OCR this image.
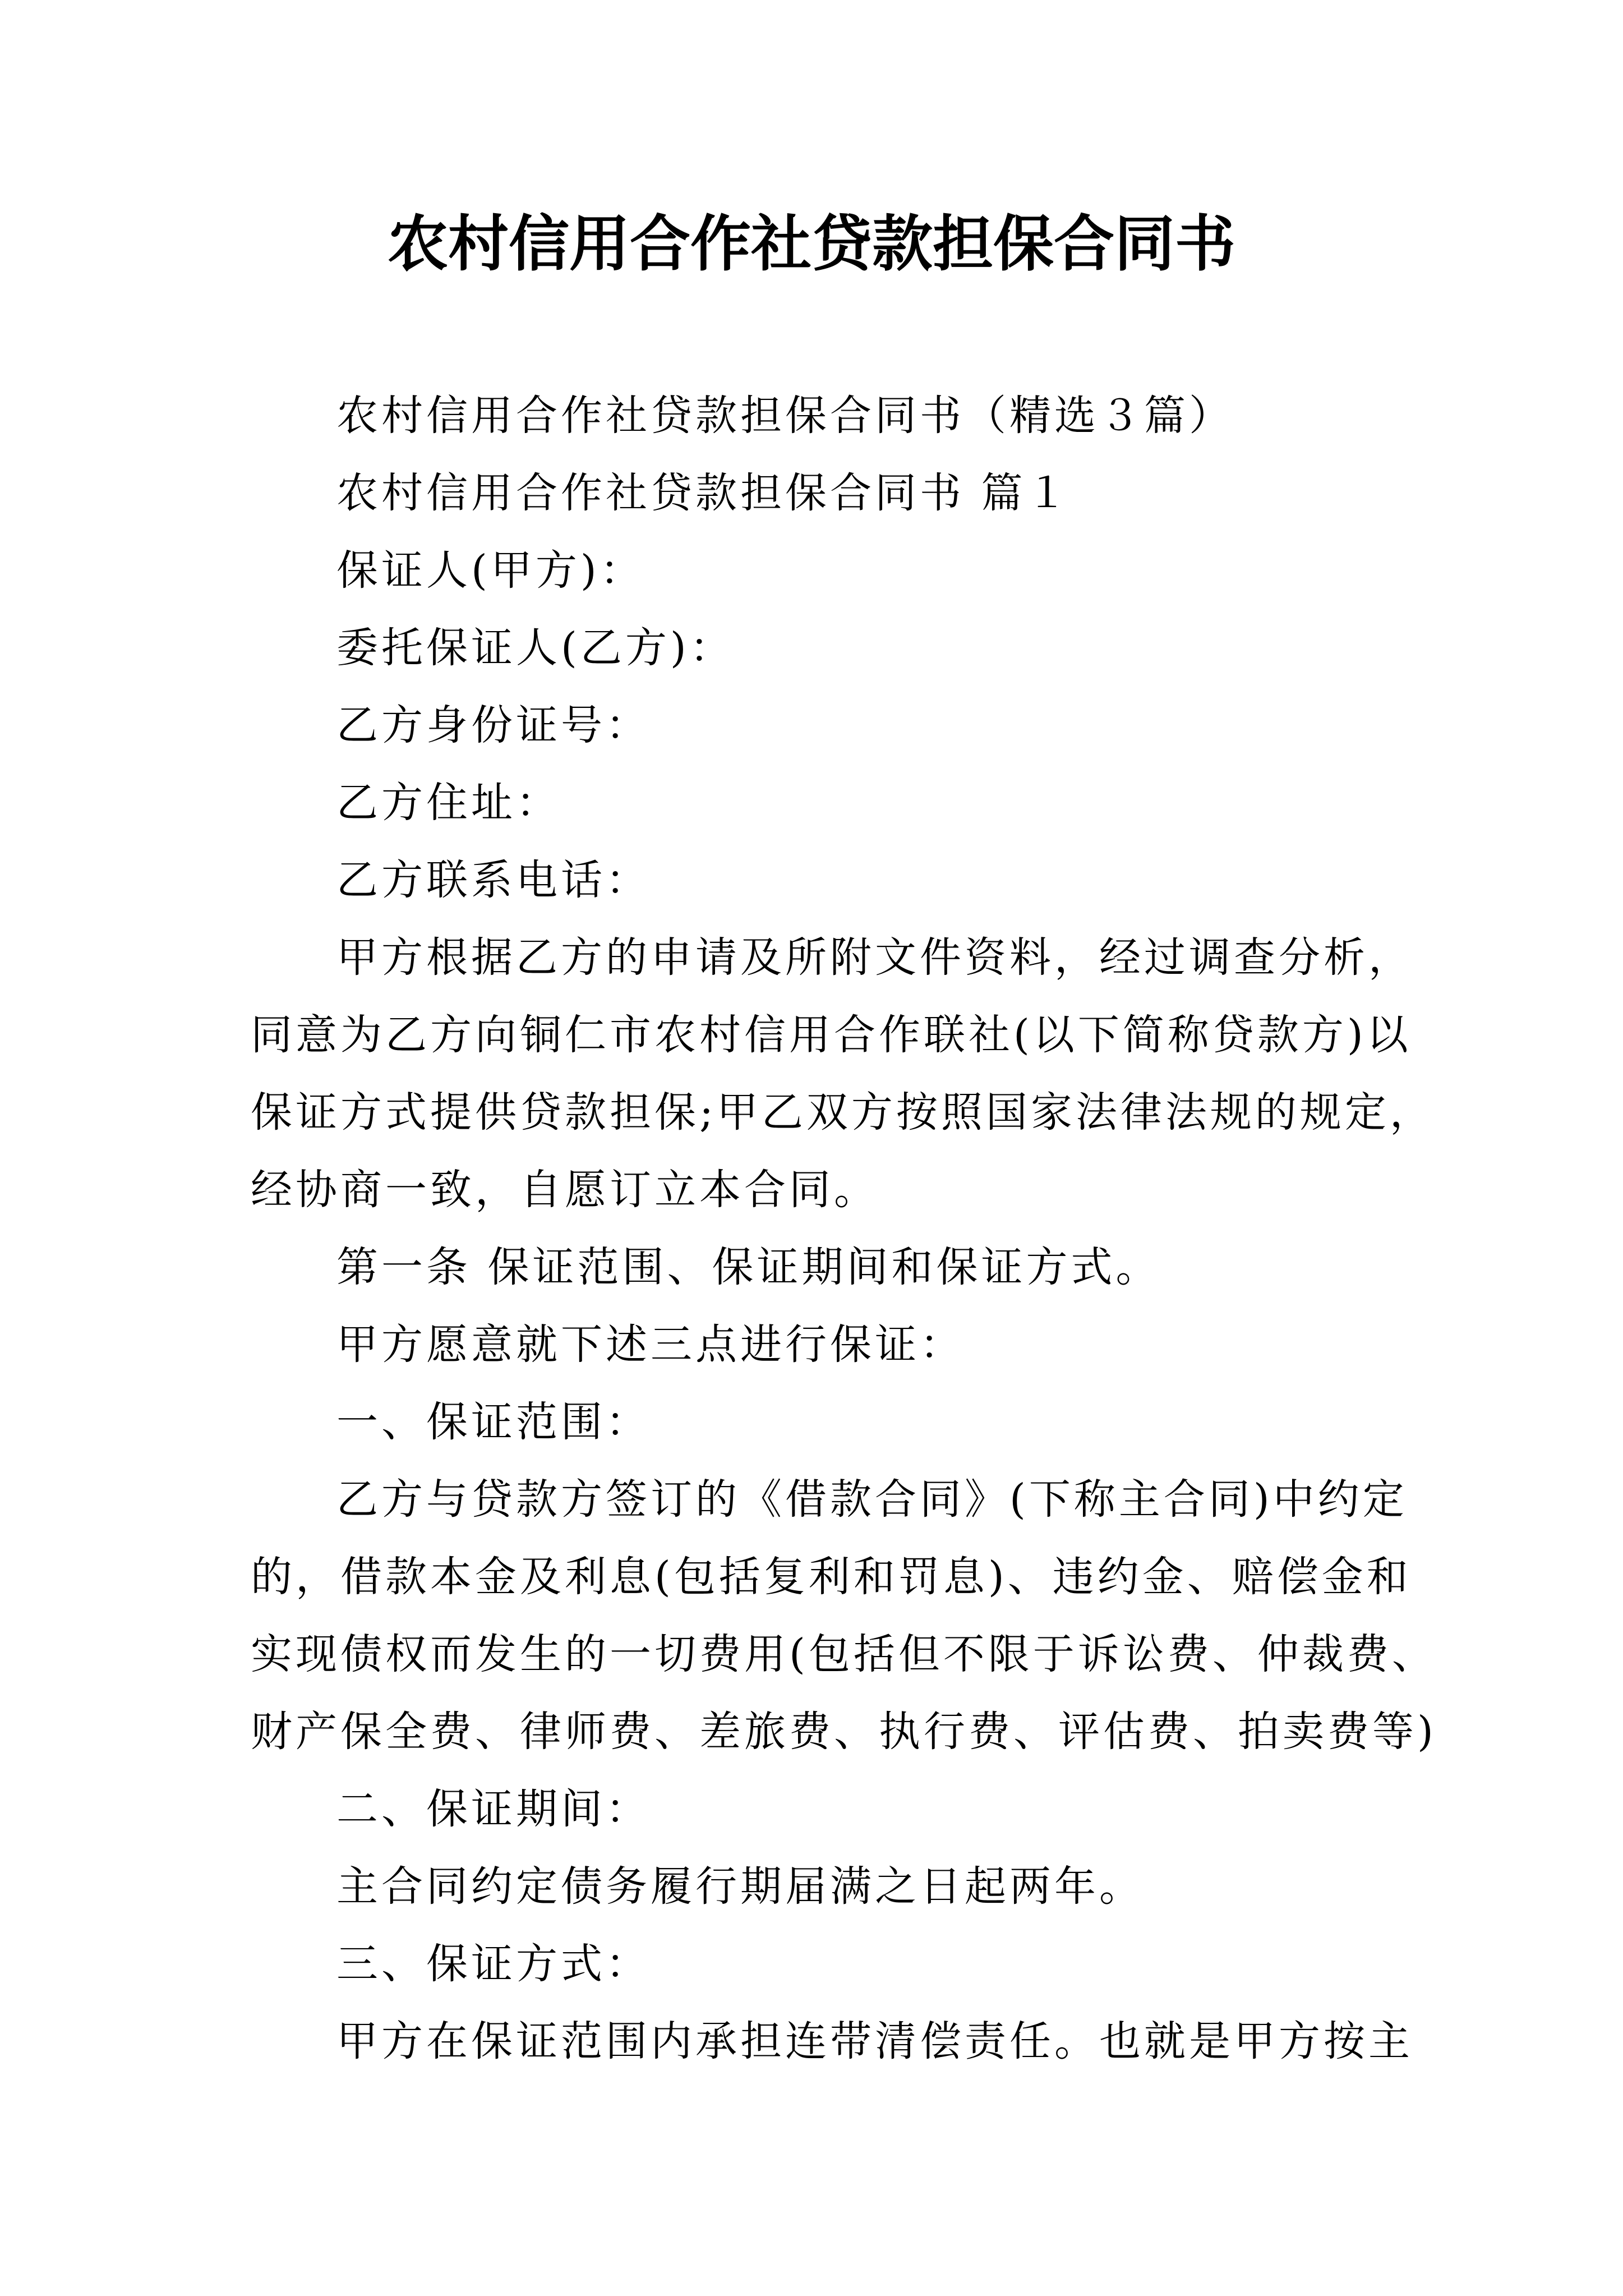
农村信用合作社贷款担保合同书

农村信用合作社贷款担保合同书（精选３篇）

农村信用合作社贷款担保合同书 篇１

保证人(甲方)：

委托保证人(乙方)：

乙方身份证号：

乙方住址：

乙方联系电话：

甲方根据乙方的申请及所附文件资料，经过调查分析，

同意为乙方向铜仁市农村信用合作联社(以下简称贷款方)以

保证方式提供贷款担保;甲乙双方按照国家法律法规的规定，

经协商一致，自愿订立本合同。

第一条 保证范围、保证期间和保证方式。

甲方愿意就下述三点进行保证：

一、保证范围：

乙方与贷款方签订的《借款合同》(下称主合同)中约定

的，借款本金及利息(包括复利和罚息)、违约金、赔偿金和

实现债权而发生的一切费用(包括但不限于诉讼费、仲裁费、

财产保全费、律师费、差旅费、执行费、评估费、拍卖费等)

二、保证期间：

主合同约定债务履行期届满之日起两年。

三、保证方式：

甲方在保证范围内承担连带清偿责任。也就是甲方按主
